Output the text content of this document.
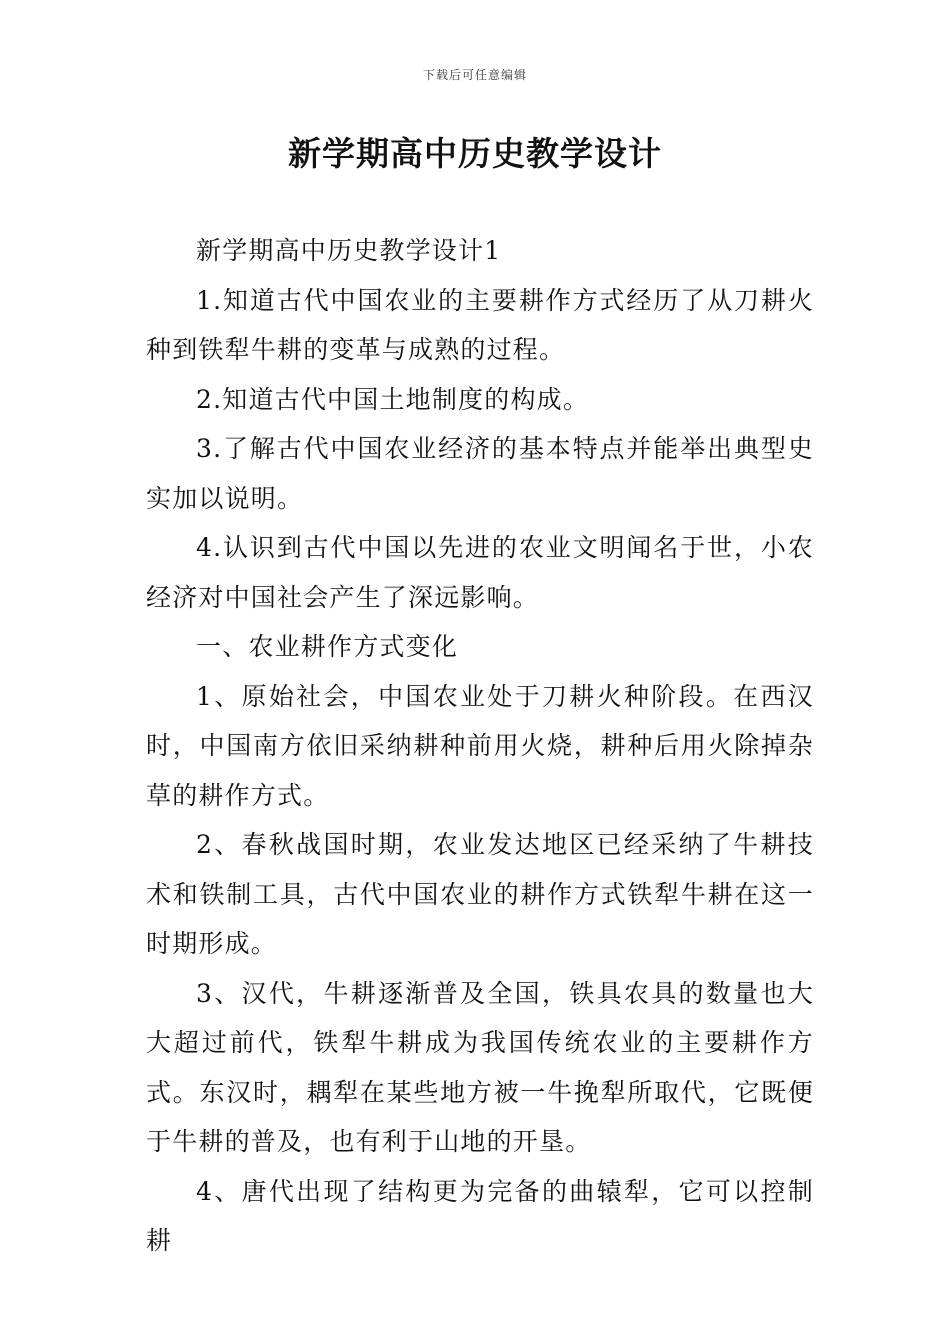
下载后可任意编辑
新学期高中历史教学设计

新学期高中历史教学设计1

1.知道古代中国农业的主要耕作方式经历了从刀耕火种到铁犁牛耕的变革与成熟的过程。

2.知道古代中国土地制度的构成。

3.了解古代中国农业经济的基本特点并能举出典型史实加以说明。

4.认识到古代中国以先进的农业文明闻名于世，小农经济对中国社会产生了深远影响。

一、农业耕作方式变化

1、原始社会，中国农业处于刀耕火种阶段。在西汉时，中国南方依旧采纳耕种前用火烧，耕种后用火除掉杂草的耕作方式。

2、春秋战国时期，农业发达地区已经采纳了牛耕技术和铁制工具，古代中国农业的耕作方式铁犁牛耕在这一时期形成。

3、汉代，牛耕逐渐普及全国，铁具农具的数量也大大超过前代，铁犁牛耕成为我国传统农业的主要耕作方式。东汉时，耦犁在某些地方被一牛挽犁所取代，它既便于牛耕的普及，也有利于山地的开垦。

4、唐代出现了结构更为完备的曲辕犁，它可以控制耕
